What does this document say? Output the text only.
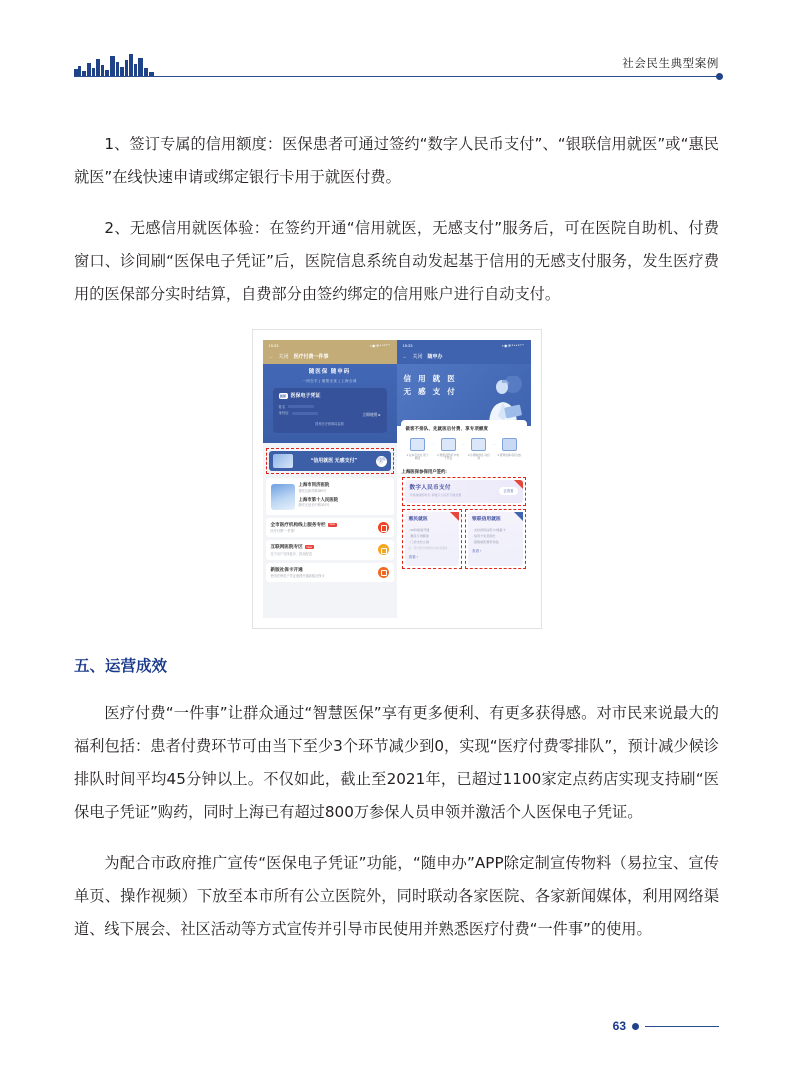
社会民生典型案例

1、签订专属的信用额度：医保患者可通过签约“数字人民币支付”、“银联信用就医”或“惠民就医”在线快速申请或绑定银行卡用于就医付费。

2、无感信用就医体验：在签约开通“信用就医，无感支付”服务后，可在医院自助机、付费窗口、诊间刷“医保电子凭证”后，医院信息系统自动发起基于信用的无感支付服务，发生医疗费用的医保部分实时结算，自费部分由签约绑定的信用账户进行自动支付。

15:33	▪◉❈⁴⁴⁶⁰⁺
← 关闭 医疗付费一件事
随医保 随申码
一码在手 | 便捷无忧 | 上海全城
医保 医保电子凭证
姓名
身份证
立即使用 ▸
国家医疗保障局监制
“信用就医 无感支付”	立即签约
上海市同济医院
普陀区新村路389号
上海市第十人民医院
静安区延长中路301号
全市医疗机构线上服务专栏	New
医疗付费“一件事”
互联网医院专区	New
足不出户在线复诊、药品配送
新版社保卡开通
使用医保电子凭证便捷开通新版社保卡
15:33	▪◉❈⁵⁴⁴⁶⁰⁺
← 关闭 随申办
信 用 就 医
无 感 支 付
做客不排队、先就医后付费、享专项额度
1.在本页内点 领个额度
···
2.预激活医保 中电子凭证
···
3.诊费取得自 动扣款
···
4.费用结算 (院月结)
上海医保参保用户签约:
数字人民币支付
手机碰碰即付付 享数字人民币专属优惠
去查看
惠民就医
· 60秒极速开通
· 惠民专项额度
· 门诊支付立减
注：部分医疗机构暂未支持该服务
查看 ›
银联信用就医
· 支持使用信用卡/储蓄卡
· 信用卡免息期长
· 银联就医费用补贴
查看 ›
五、运营成效

医疗付费“一件事”让群众通过“智慧医保”享有更多便利、有更多获得感。对市民来说最大的福利包括：患者付费环节可由当下至少3个环节减少到0，实现“医疗付费零排队”，预计减少候诊排队时间平均45分钟以上。不仅如此，截止至2021年，已超过1100家定点药店实现支持刷“医保电子凭证”购药，同时上海已有超过800万参保人员申领并激活个人医保电子凭证。

为配合市政府推广宣传“医保电子凭证”功能，“随申办”APP除定制宣传物料（易拉宝、宣传单页、操作视频）下放至本市所有公立医院外，同时联动各家医院、各家新闻媒体，利用网络渠道、线下展会、社区活动等方式宣传并引导市民使用并熟悉医疗付费“一件事”的使用。

63
